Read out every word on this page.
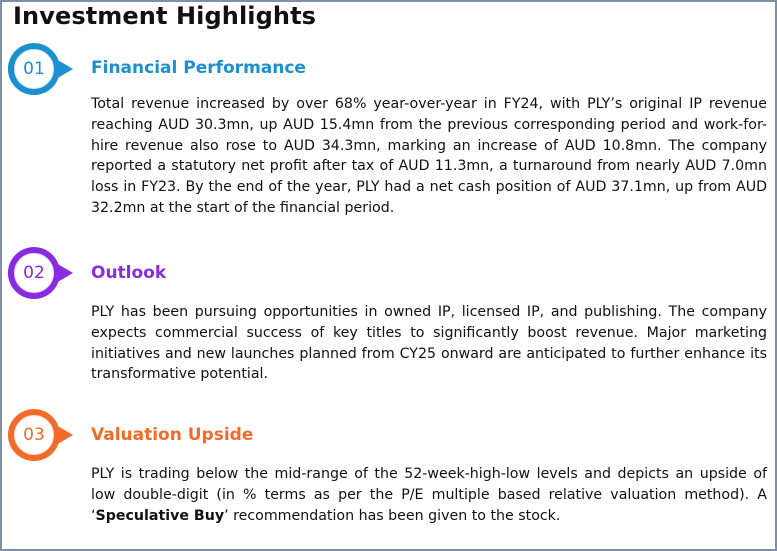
Investment Highlights
01	Financial Performance

Total revenue increased by over 68% year-over-year in FY24, with PLY’s original IP revenue reaching AUD 30.3mn, up AUD 15.4mn from the previous corresponding period and work-for-hire revenue also rose to AUD 34.3mn, marking an increase of AUD 10.8mn. The company reported a statutory net profit after tax of AUD 11.3mn, a turnaround from nearly AUD 7.0mn loss in FY23. By the end of the year, PLY had a net cash position of AUD 37.1mn, up from AUD 32.2mn at the start of the financial period.

02	Outlook

PLY has been pursuing opportunities in owned IP, licensed IP, and publishing. The company expects commercial success of key titles to significantly boost revenue. Major marketing initiatives and new launches planned from CY25 onward are anticipated to further enhance its transformative potential.

03	Valuation Upside

PLY is trading below the mid-range of the 52-week-high-low levels and depicts an upside of low double-digit (in % terms as per the P/E multiple based relative valuation method). A ‘Speculative Buy’ recommendation has been given to the stock.
